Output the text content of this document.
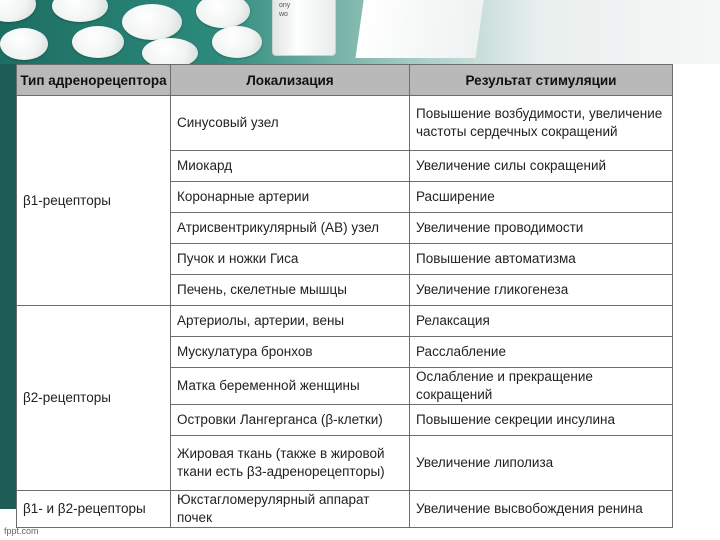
ony
wo
Тип адренорецептора	Локализация	Результат стимуляции
β1-рецепторы	Синусовый узел	Повышение возбудимости, увеличение частоты сердечных сокращений
	Миокард	Увеличение силы сокращений
	Коронарные артерии	Расширение
	Атрисвентрикулярный (АВ) узел	Увеличение проводимости
	Пучок и ножки Гиса	Повышение автоматизма
	Печень, скелетные мышцы	Увеличение гликогенеза
β2-рецепторы	Артериолы, артерии, вены	Релаксация
	Мускулатура бронхов	Расслабление
	Матка беременной женщины	Ослабление и прекращение сокращений
	Островки Лангерганса (β-клетки)	Повышение секреции инсулина
	Жировая ткань (также в жировой ткани есть β3-адренорецепторы)	Увеличение липолиза
β1- и β2-рецепторы	Юкстагломерулярный аппарат почек	Увеличение высвобождения ренина
fppt.com
